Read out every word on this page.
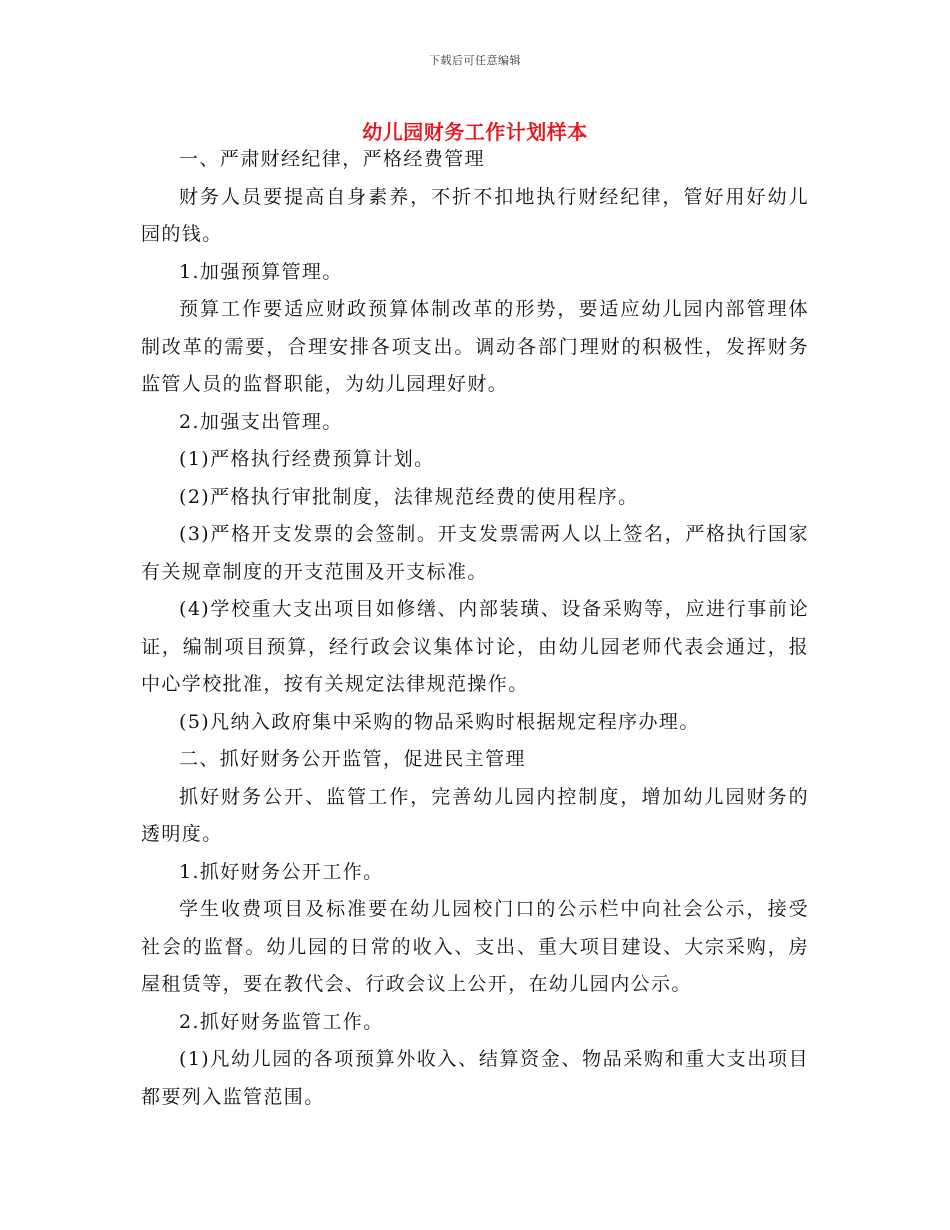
下载后可任意编辑
幼儿园财务工作计划样本

一、严肃财经纪律，严格经费管理

财务人员要提高自身素养，不折不扣地执行财经纪律，管好用好幼儿园的钱。

1.加强预算管理。

预算工作要适应财政预算体制改革的形势，要适应幼儿园内部管理体制改革的需要，合理安排各项支出。调动各部门理财的积极性，发挥财务监管人员的监督职能，为幼儿园理好财。

2.加强支出管理。

(1)严格执行经费预算计划。

(2)严格执行审批制度，法律规范经费的使用程序。

(3)严格开支发票的会签制。开支发票需两人以上签名，严格执行国家有关规章制度的开支范围及开支标准。

(4)学校重大支出项目如修缮、内部装璜、设备采购等，应进行事前论证，编制项目预算，经行政会议集体讨论，由幼儿园老师代表会通过，报中心学校批准，按有关规定法律规范操作。

(5)凡纳入政府集中采购的物品采购时根据规定程序办理。

二、抓好财务公开监管，促进民主管理

抓好财务公开、监管工作，完善幼儿园内控制度，增加幼儿园财务的透明度。

1.抓好财务公开工作。

学生收费项目及标准要在幼儿园校门口的公示栏中向社会公示，接受社会的监督。幼儿园的日常的收入、支出、重大项目建设、大宗采购，房屋租赁等，要在教代会、行政会议上公开，在幼儿园内公示。

2.抓好财务监管工作。

(1)凡幼儿园的各项预算外收入、结算资金、物品采购和重大支出项目都要列入监管范围。
